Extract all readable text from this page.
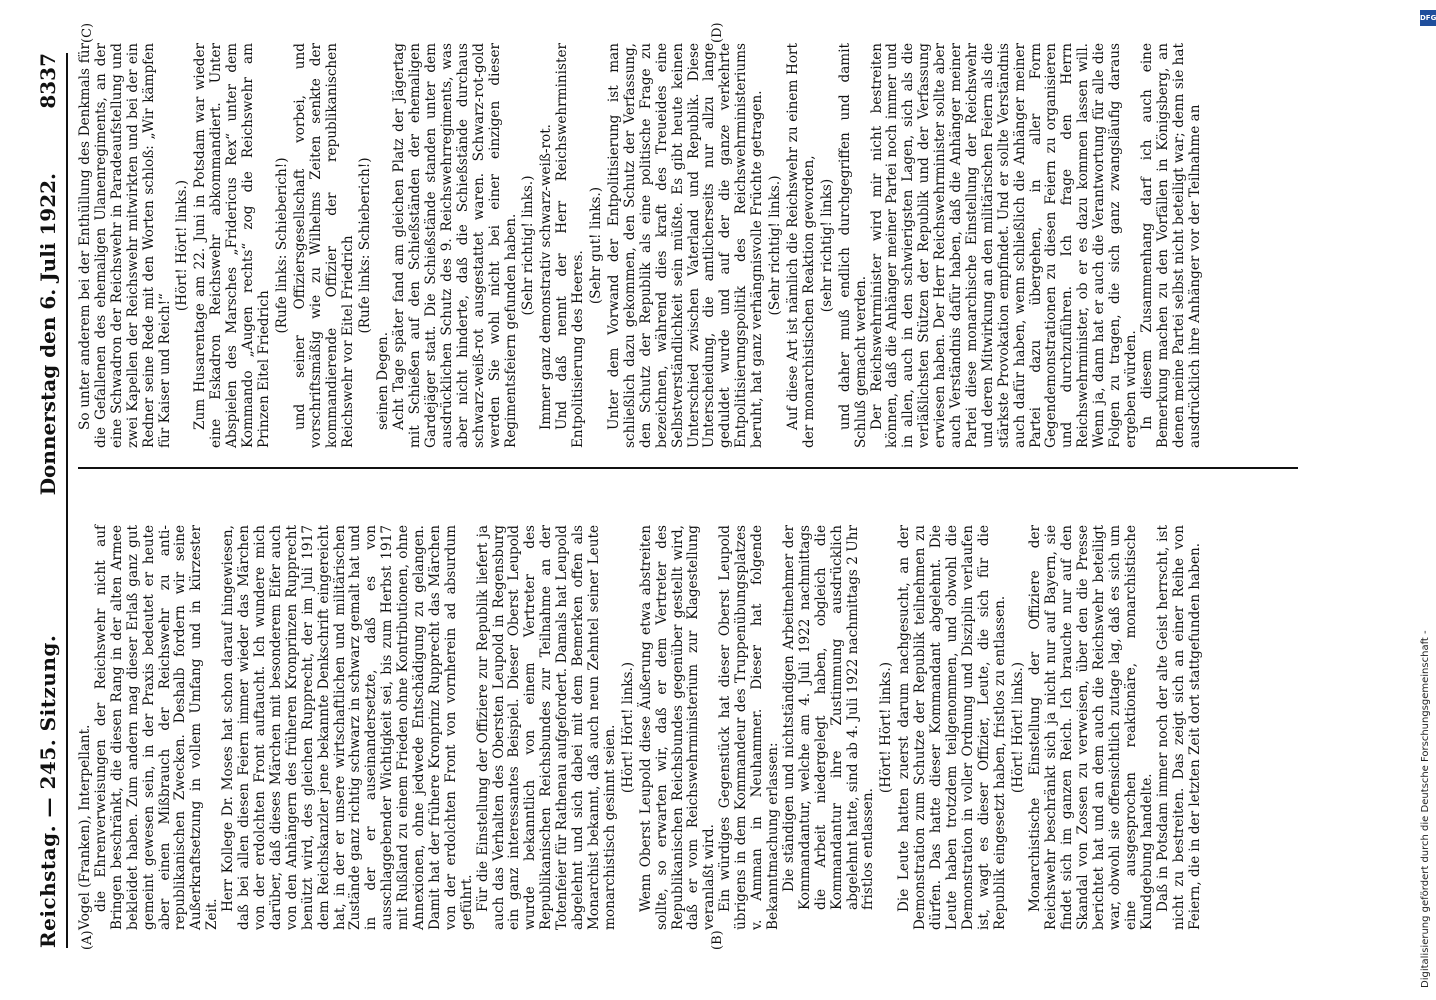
Reichstag. — 245. Sitzung.
Donnerstag den 6. Juli 1922.
8337
(A)	(B)
(C)	(D)

Vogel (Franken), Interpellant. die Ehrenverweisungen der Reichswehr nicht auf Bringen beschränkt, die diesen Rang in der alten Armee bekleidet haben. Zum andern mag dieser Erlaß ganz gut gemeint gewesen sein, in der Praxis bedeutet er heute aber einen Mißbrauch der Reichswehr zu anti-republikanischen Zwecken. Deshalb fordern wir seine Außerkraftsetzung in vollem Umfang und in kürzester Zeit.

Herr Kollege Dr. Moses hat schon darauf hingewiesen, daß bei allen diesen Feiern immer wieder das Märchen von der erdolchten Front auftaucht. Ich wundere mich darüber, daß dieses Märchen mit besonderem Eifer auch von den Anhängern des früheren Kronprinzen Rupprecht benützt wird, des gleichen Rupprecht, der im Juli 1917 dem Reichskanzler jene bekannte Denkschrift eingereicht hat, in der er unsere wirtschaftlichen und militärischen Zustände ganz richtig schwarz in schwarz gemalt hat und in der er auseinandersetzte, daß es von ausschlaggebender Wichtigkeit sei, bis zum Herbst 1917 mit Rußland zu einem Frieden ohne Kontributionen, ohne Annexionen, ohne jedwede Entschädigung zu gelangen. Damit hat der frühere Kronprinz Rupprecht das Märchen von der erdolchten Front von vornherein ad absurdum geführt. Für die Einstellung der Offiziere zur Republik liefert ja auch das Verhalten des Obersten Leupold in Regensburg ein ganz interessantes Beispiel. Dieser Oberst Leupold wurde bekanntlich von einem Vertreter des Republikanischen Reichsbundes zur Teilnahme an der Totenfeier für Rathenau aufgefordert. Damals hat Leupold abgelehnt und sich dabei mit dem Bemerken offen als Monarchist bekannt, daß auch neun Zehntel seiner Leute monarchistisch gesinnt seien. (Hört! Hört! links.) Wenn Oberst Leupold diese Äußerung etwa abstreiten sollte, so erwarten wir, daß er dem Vertreter des Republikanischen Reichsbundes gegenüber gestellt wird, daß er vom Reichswehrministerium zur Klagestellung veranlaßt wird. Ein würdiges Gegenstück hat dieser Oberst Leupold übrigens in dem Kommandeur des Truppenübungsplatzes v. Amman in Neuhammer. Dieser hat folgende Bekanntmachung erlassen: Die ständigen und nichtständigen Arbeitnehmer der Kommandantur, welche am 4. Juli 1922 nachmittags die Arbeit niedergelegt haben, obgleich die Kommandantur ihre Zustimmung ausdrücklich abgelehnt hatte, sind ab 4. Juli 1922 nachmittags 2 Uhr fristlos entlassen.

(Hört! Hört! links.) Die Leute hatten zuerst darum nachgesucht, an der Demonstration zum Schutze der Republik teilnehmen zu dürfen. Das hatte dieser Kommandant abgelehnt. Die Leute haben trotzdem teilgenommen, und obwohl die Demonstration in voller Ordnung und Disziplin verlaufen ist, wagt es dieser Offizier, Leute, die sich für die Republik eingesetzt haben, fristlos zu entlassen. (Hört! Hört! links.) Monarchistische Einstellung der Offiziere der Reichswehr beschränkt sich ja nicht nur auf Bayern, sie findet sich im ganzen Reich. Ich brauche nur auf den Skandal von Zossen zu verweisen, über den die Presse berichtet hat und an dem auch die Reichswehr beteiligt war, obwohl sie offensichtlich zutage lag, daß es sich um eine ausgesprochen reaktionäre, monarchistische Kundgebung handelte. Daß in Potsdam immer noch der alte Geist herrscht, ist nicht zu bestreiten. Das zeigt sich an einer Reihe von Feiern, die in der letzten Zeit dort stattgefunden haben.

So unter anderem bei der Enthüllung des Denkmals für die Gefallenen des ehemaligen Ulanenregiments, an der eine Schwadron der Reichswehr in Paradeaufstellung und zwei Kapellen der Reichswehr mitwirkten und bei der ein Redner seine Rede mit den Worten schloß: „Wir kämpfen für Kaiser und Reich!“

(Hört! Hört! links.) Zum Husarentage am 22. Juni in Potsdam war wieder eine Eskadron Reichswehr abkommandiert. Unter Abspielen des Marsches „Fridericus Rex“ unter dem Kommando „Augen rechts“ zog die Reichswehr am Prinzen Eitel Friedrich

(Rufe links: Schieberich!) und seiner Offiziersgesellschaft vorbei, und vorschriftsmäßig wie zu Wilhelms Zeiten senkte der kommandierende Offizier der republikanischen Reichswehr vor Eitel Friedrich (Rufe links: Schieberich!)

seinen Degen. Acht Tage später fand am gleichen Platz der Jägertag mit Schießen auf den Schießständen der ehemaligen Gardejäger statt. Die Schießstände standen unter dem ausdrücklichen Schutz des 9. Reichswehrregiments, was aber nicht hinderte, daß die Schießstände durchaus schwarz-weiß-rot ausgestattet waren. Schwarz-rot-gold werden Sie wohl nicht bei einer einzigen dieser Regimentsfeiern gefunden haben. (Sehr richtig! links.) Immer ganz demonstrativ schwarz-weiß-rot. Und daß nennt der Herr Reichswehrminister Entpolitisierung des Heeres.

(Sehr gut! links.) Unter dem Vorwand der Entpolitisierung ist man schließlich dazu gekommen, den Schutz der Verfassung, den Schutz der Republik als eine politische Frage zu bezeichnen, während dies kraft des Treueides eine Selbstverständlichkeit sein müßte. Es gibt heute keinen Unterschied zwischen Vaterland und Republik. Diese Unterscheidung, die amtlicherseits nur allzu lange geduldet wurde und auf der die ganze verkehrte Entpolitisierungspolitik des Reichswehrministeriums beruht, hat ganz verhängnisvolle Früchte getragen. (Sehr richtig! links.) Auf diese Art ist nämlich die Reichswehr zu einem Hort der monarchistischen Reaktion geworden, (sehr richtig! links) und daher muß endlich durchgegriffen und damit Schluß gemacht werden. Der Reichswehrminister wird mir nicht bestreiten können, daß die Anhänger meiner Partei noch immer und in allen, auch in den schwierigsten Lagen, sich als die verläßlichsten Stützen der Republik und der Verfassung erwiesen haben. Der Herr Reichswehrminister sollte aber auch Verständnis dafür haben, daß die Anhänger meiner Partei diese monarchische Einstellung der Reichswehr und deren Mitwirkung an den militärischen Feiern als die stärkste Provokation empfindet. Und er sollte Verständnis auch dafür haben, wenn schließlich die Anhänger meiner Partei dazu übergehen, in aller Form Gegendemonstrationen zu diesen Feiern zu organisieren und durchzuführen. Ich frage den Herrn Reichswehrminister, ob er es dazu kommen lassen will. Wenn ja, dann hat er auch die Verantwortung für alle die Folgen zu tragen, die sich ganz zwangsläufig daraus ergeben würden. In diesem Zusammenhang darf ich auch eine Bemerkung machen zu den Vorfällen in Königsberg, an denen meine Partei selbst nicht beteiligt war; denn sie hat ausdrücklich ihre Anhänger vor der Teilnahme an

Digitalisierung gefördert durch die Deutsche Forschungsgemeinschaft -
DFG
